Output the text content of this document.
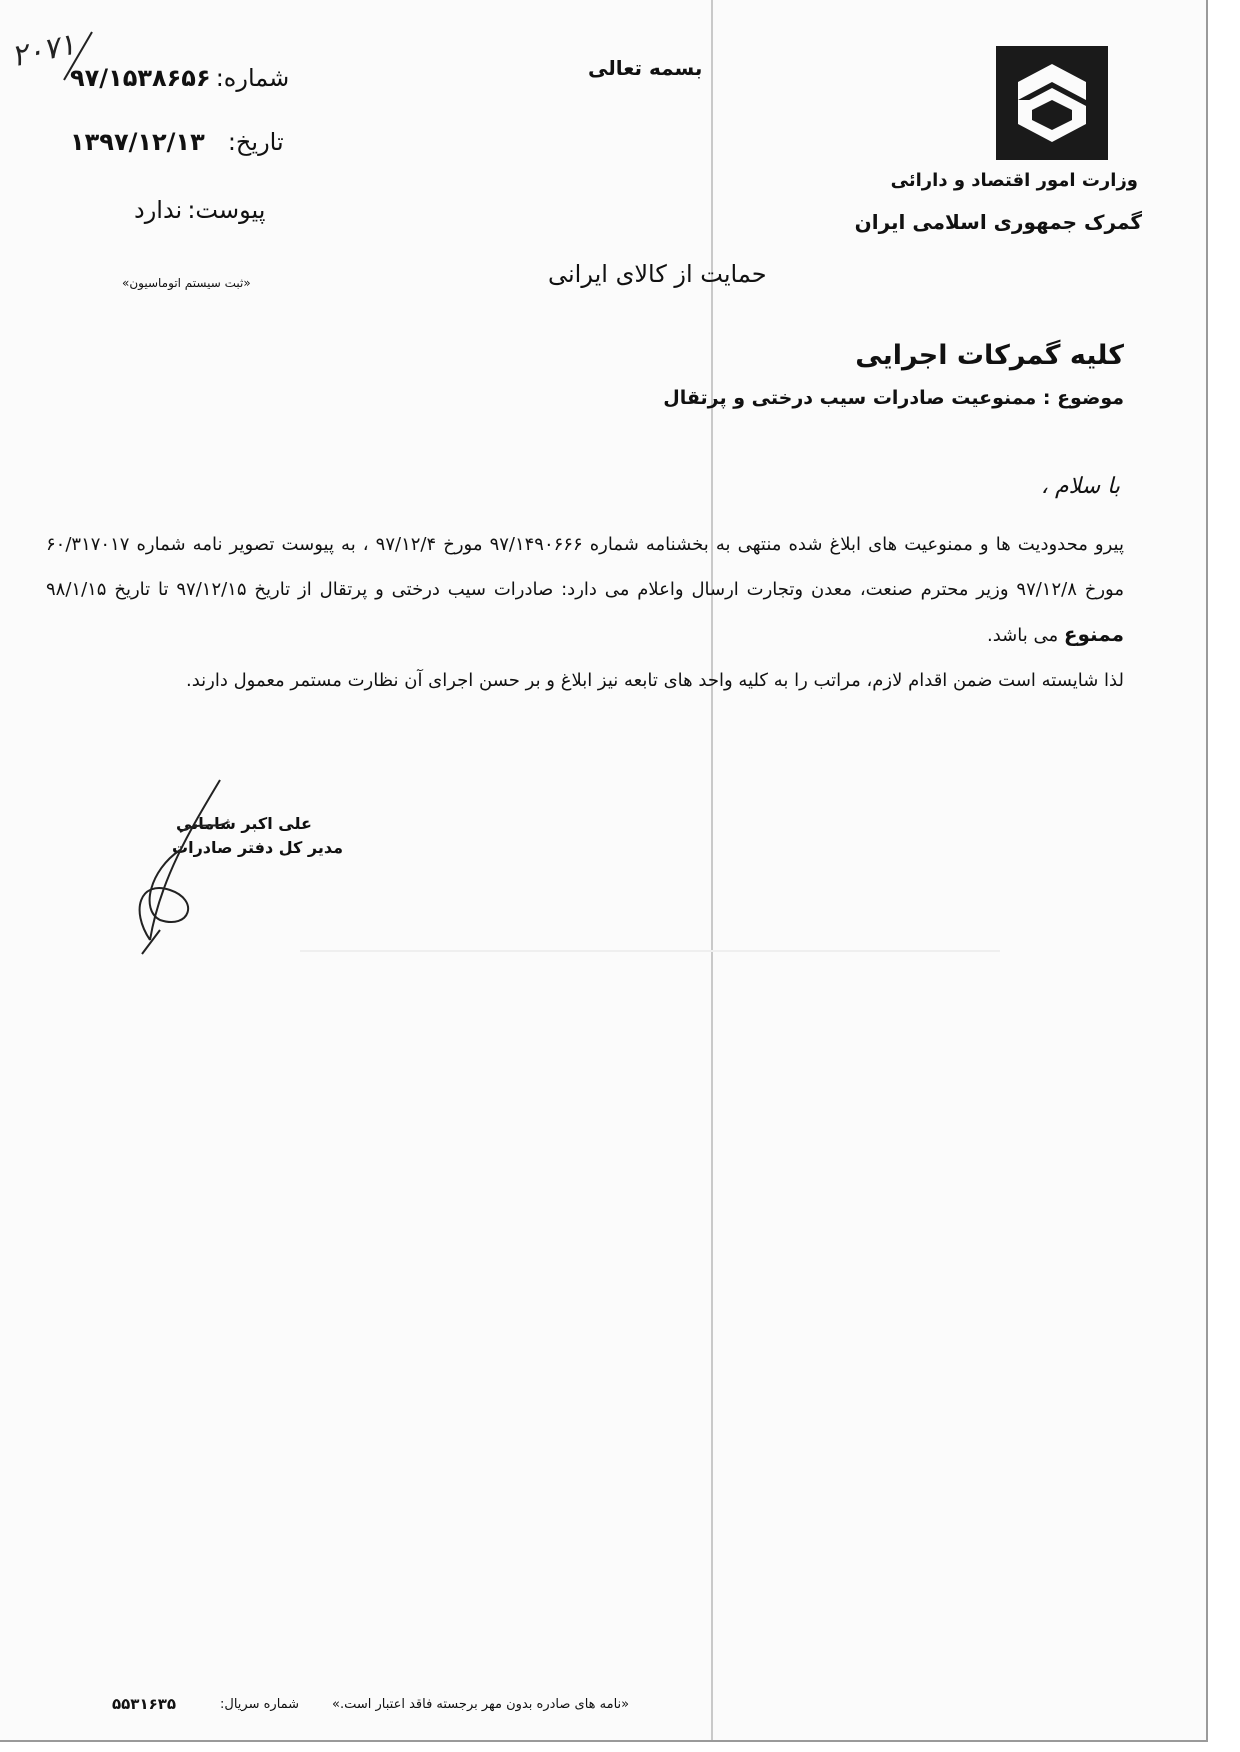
وزارت امور اقتصاد و دارائی
گمرک جمهوری اسلامی ایران
بسمه تعالی
۲۰۷۱
شماره: ۹۷/۱۵۳۸۶۵۶
تاریخ: ۱۳۹۷/۱۲/۱۳
پیوست: ندارد
حمایت از کالای ایرانی
«ثبت سیستم اتوماسیون»
کلیه گمرکات اجرایی
موضوع : ممنوعیت صادرات سیب درختی و پرتقال
با سلام ،

پیرو محدودیت ها و ممنوعیت های ابلاغ شده منتهی به بخشنامه شماره ۹۷/۱۴۹۰۶۶۶ مورخ ۹۷/۱۲/۴ ، به پیوست تصویر نامه شماره ۶۰/۳۱۷۰۱۷ مورخ ۹۷/۱۲/۸ وزیر محترم صنعت، معدن وتجارت ارسال واعلام می دارد: صادرات سیب درختی و پرتقال از تاریخ ۹۷/۱۲/۱۵ تا تاریخ ۹۸/۱/۱۵ ممنوع می باشد.

لذا شایسته است ضمن اقدام لازم، مراتب را به کلیه واحد های تابعه نیز ابلاغ و بر حسن اجرای آن نظارت مستمر معمول دارند.

علی اکبر شامانی
مدیر کل دفتر صادرات
«نامه های صادره بدون مهر برجسته فاقد اعتبار است.»
شماره سریال:
۵۵۳۱۶۳۵
